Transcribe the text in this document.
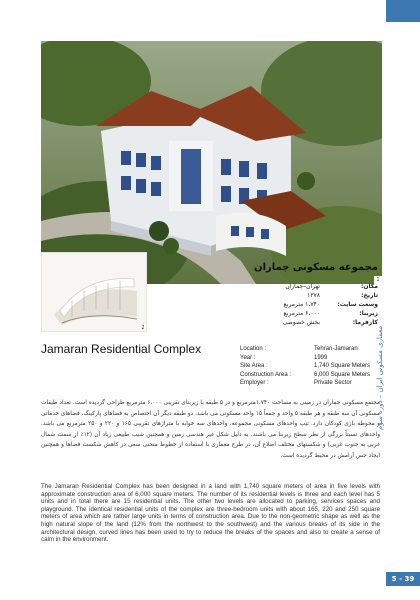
معماری مسکونی ایران – دوره سوم
5 - 39
1
2
مجموعه مسکونی جماران
مکان:
تهران–جماران
تاریخ:
۱۳۷۸
وسعت سایت:
۱،۷۴۰ مترمربع
زیربنا:
۶،۰۰۰ مترمربع
کارفرما:
بخش خصوصی
Jamaran Residential Complex	Location :	Tehran-Jamaran
Year :	1999
Site Area :	1,740 Square Meters
Construction Area :	6,000 Square Meters
Employer :	Private Sector

مجتمع مسکونی جماران در زمینی به مساحت ۱،۷۴۰مترمربع و در ۵ طبقه با زیربنای تقریبی ۶،۰۰۰ مترمربع طراحی گردیده است. تعداد طبقات مسکونی آن سه طبقه و هر طبقه ۵ واحد و جمعاً ۱۵ واحد مسکونی می باشد. دو طبقه دیگر آن اختصاص به فضاهای پارکینگ، فضاهای خدماتی و محوطه بازی کودکان دارد. تیپ واحدهای مسکونی مجموعه، واحدهای سه خوابه با متراژهای تقریبی ۱۶۵ و ۲۲۰ و ۲۵۰ مترمربع می باشد. واحدهای نسبتاً بزرگی از نظر سطح زیربنا می باشند. به دلیل شکل غیر هندسی زمین و همچنین شیب طبیعی زیاد آن (۱۲٪ از سمت شمال غربی به جنوب غربی) و شکستهای مختلف اضلاع آن، در طرح معماری با استفاده از خطوط منحنی سعی در کاهش شکست فضاها و همچنین ایجاد حس آرامش در محیط گردیده است.

The Jamaran Residential Complex has been designed in a land with 1,740 square meters of area in five levels with approximate construction area of 6,000 square meters. The number of its residential levels is three and each level has 5 units and in total there are 15 residential units. The other two levels are allocated to parking, services spaces and playground. The identical residential units of the complex are three-bedroom units with about 165, 220 and 250 square meters of area which are rather large units in terms of construction area. Due to the non-geometric shape as well as the high natural slope of the land (12% from the northwest to the southwest) and the various breaks of its side in the architectural design, curved lines has been used to try to reduce the breaks of the spaces and also to create a sense of calm in the environment.
